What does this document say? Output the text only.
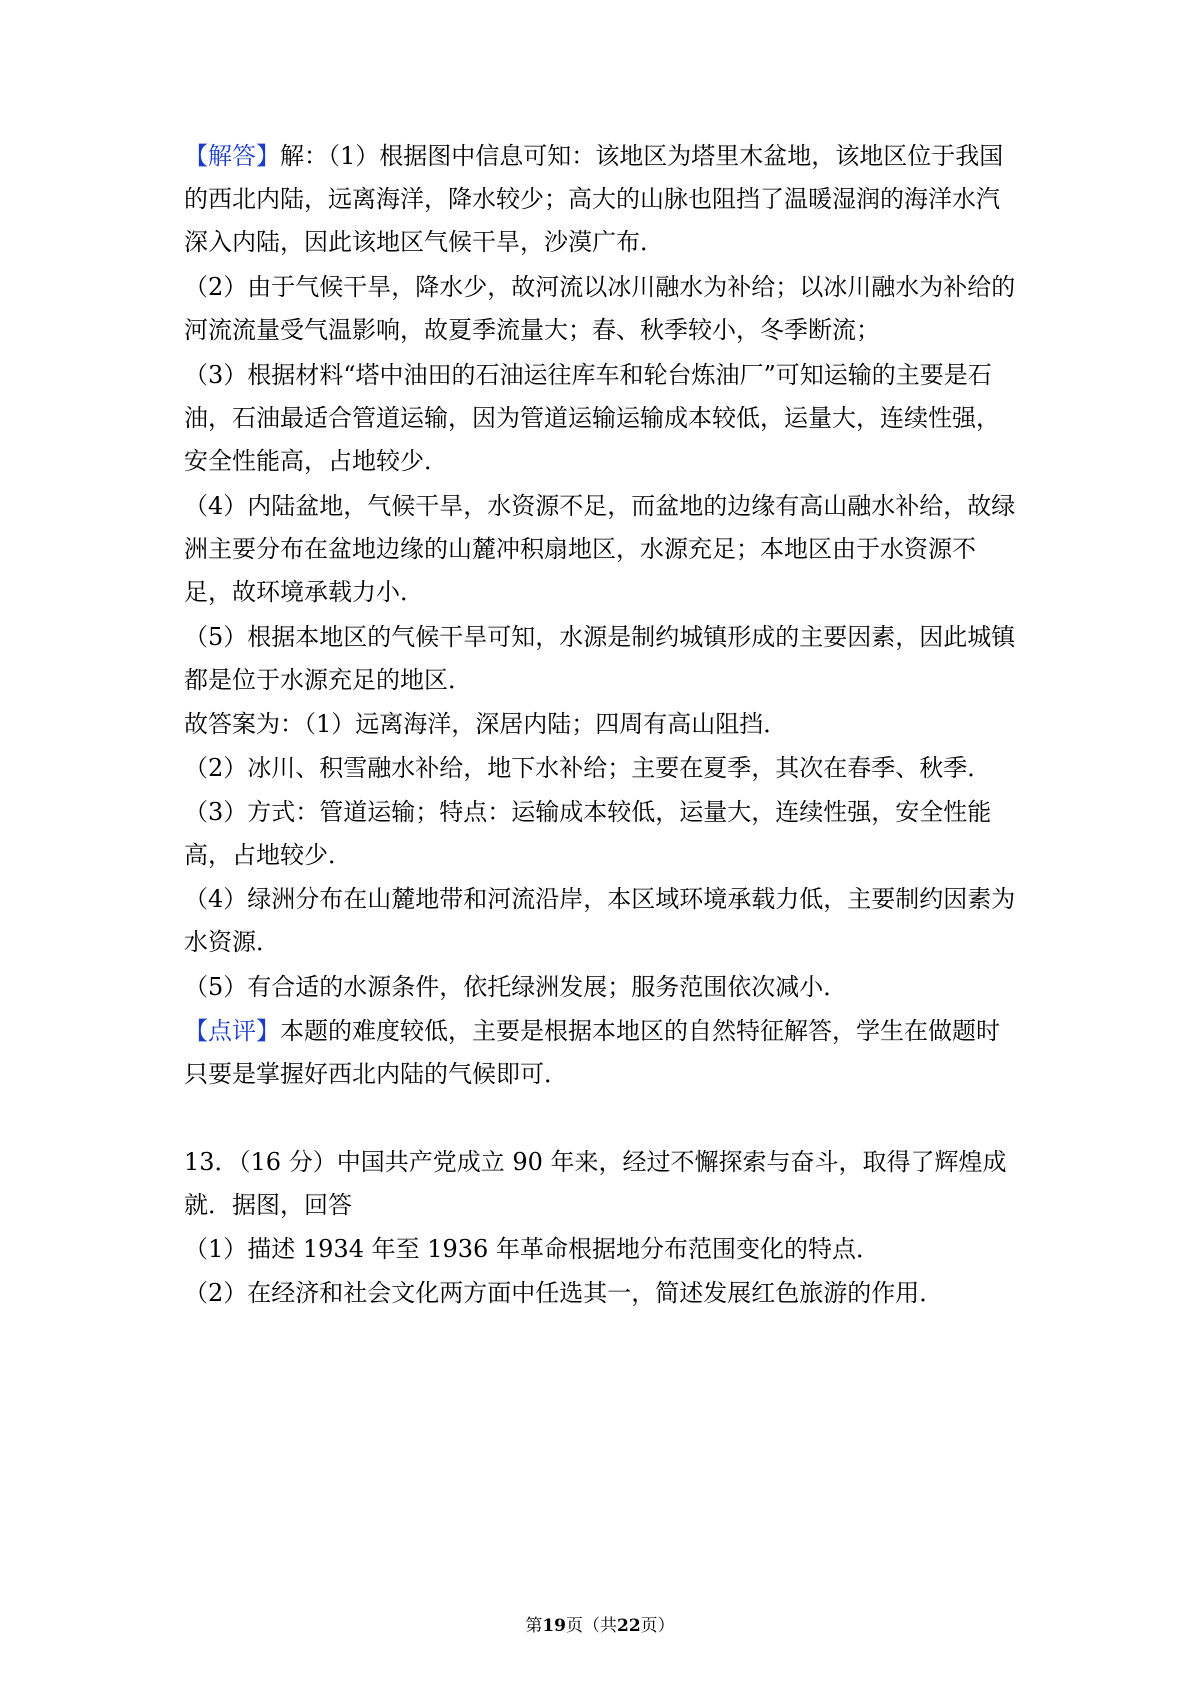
【解答】解：（1）根据图中信息可知：该地区为塔里木盆地，该地区位于我国
的西北内陆，远离海洋，降水较少；高大的山脉也阻挡了温暖湿润的海洋水汽
深入内陆，因此该地区气候干旱，沙漠广布．
（2）由于气候干旱，降水少，故河流以冰川融水为补给；以冰川融水为补给的
河流流量受气温影响，故夏季流量大；春、秋季较小，冬季断流；
（3）根据材料“塔中油田的石油运往库车和轮台炼油厂”可知运输的主要是石
油，石油最适合管道运输，因为管道运输运输成本较低，运量大，连续性强，
安全性能高，占地较少．
（4）内陆盆地，气候干旱，水资源不足，而盆地的边缘有高山融水补给，故绿
洲主要分布在盆地边缘的山麓冲积扇地区，水源充足；本地区由于水资源不
足，故环境承载力小．
（5）根据本地区的气候干旱可知，水源是制约城镇形成的主要因素，因此城镇
都是位于水源充足的地区．
故答案为：（1）远离海洋，深居内陆；四周有高山阻挡．
（2）冰川、积雪融水补给，地下水补给；主要在夏季，其次在春季、秋季．
（3）方式：管道运输；特点：运输成本较低，运量大，连续性强，安全性能
高，占地较少．
（4）绿洲分布在山麓地带和河流沿岸，本区域环境承载力低，主要制约因素为
水资源．
（5）有合适的水源条件，依托绿洲发展；服务范围依次减小．
【点评】本题的难度较低，主要是根据本地区的自然特征解答，学生在做题时
只要是掌握好西北内陆的气候即可．
13．（16 分）中国共产党成立 90 年来，经过不懈探索与奋斗，取得了辉煌成
就．据图，回答
（1）描述 1934 年至 1936 年革命根据地分布范围变化的特点．
（2）在经济和社会文化两方面中任选其一，简述发展红色旅游的作用．
第19页（共22页）
